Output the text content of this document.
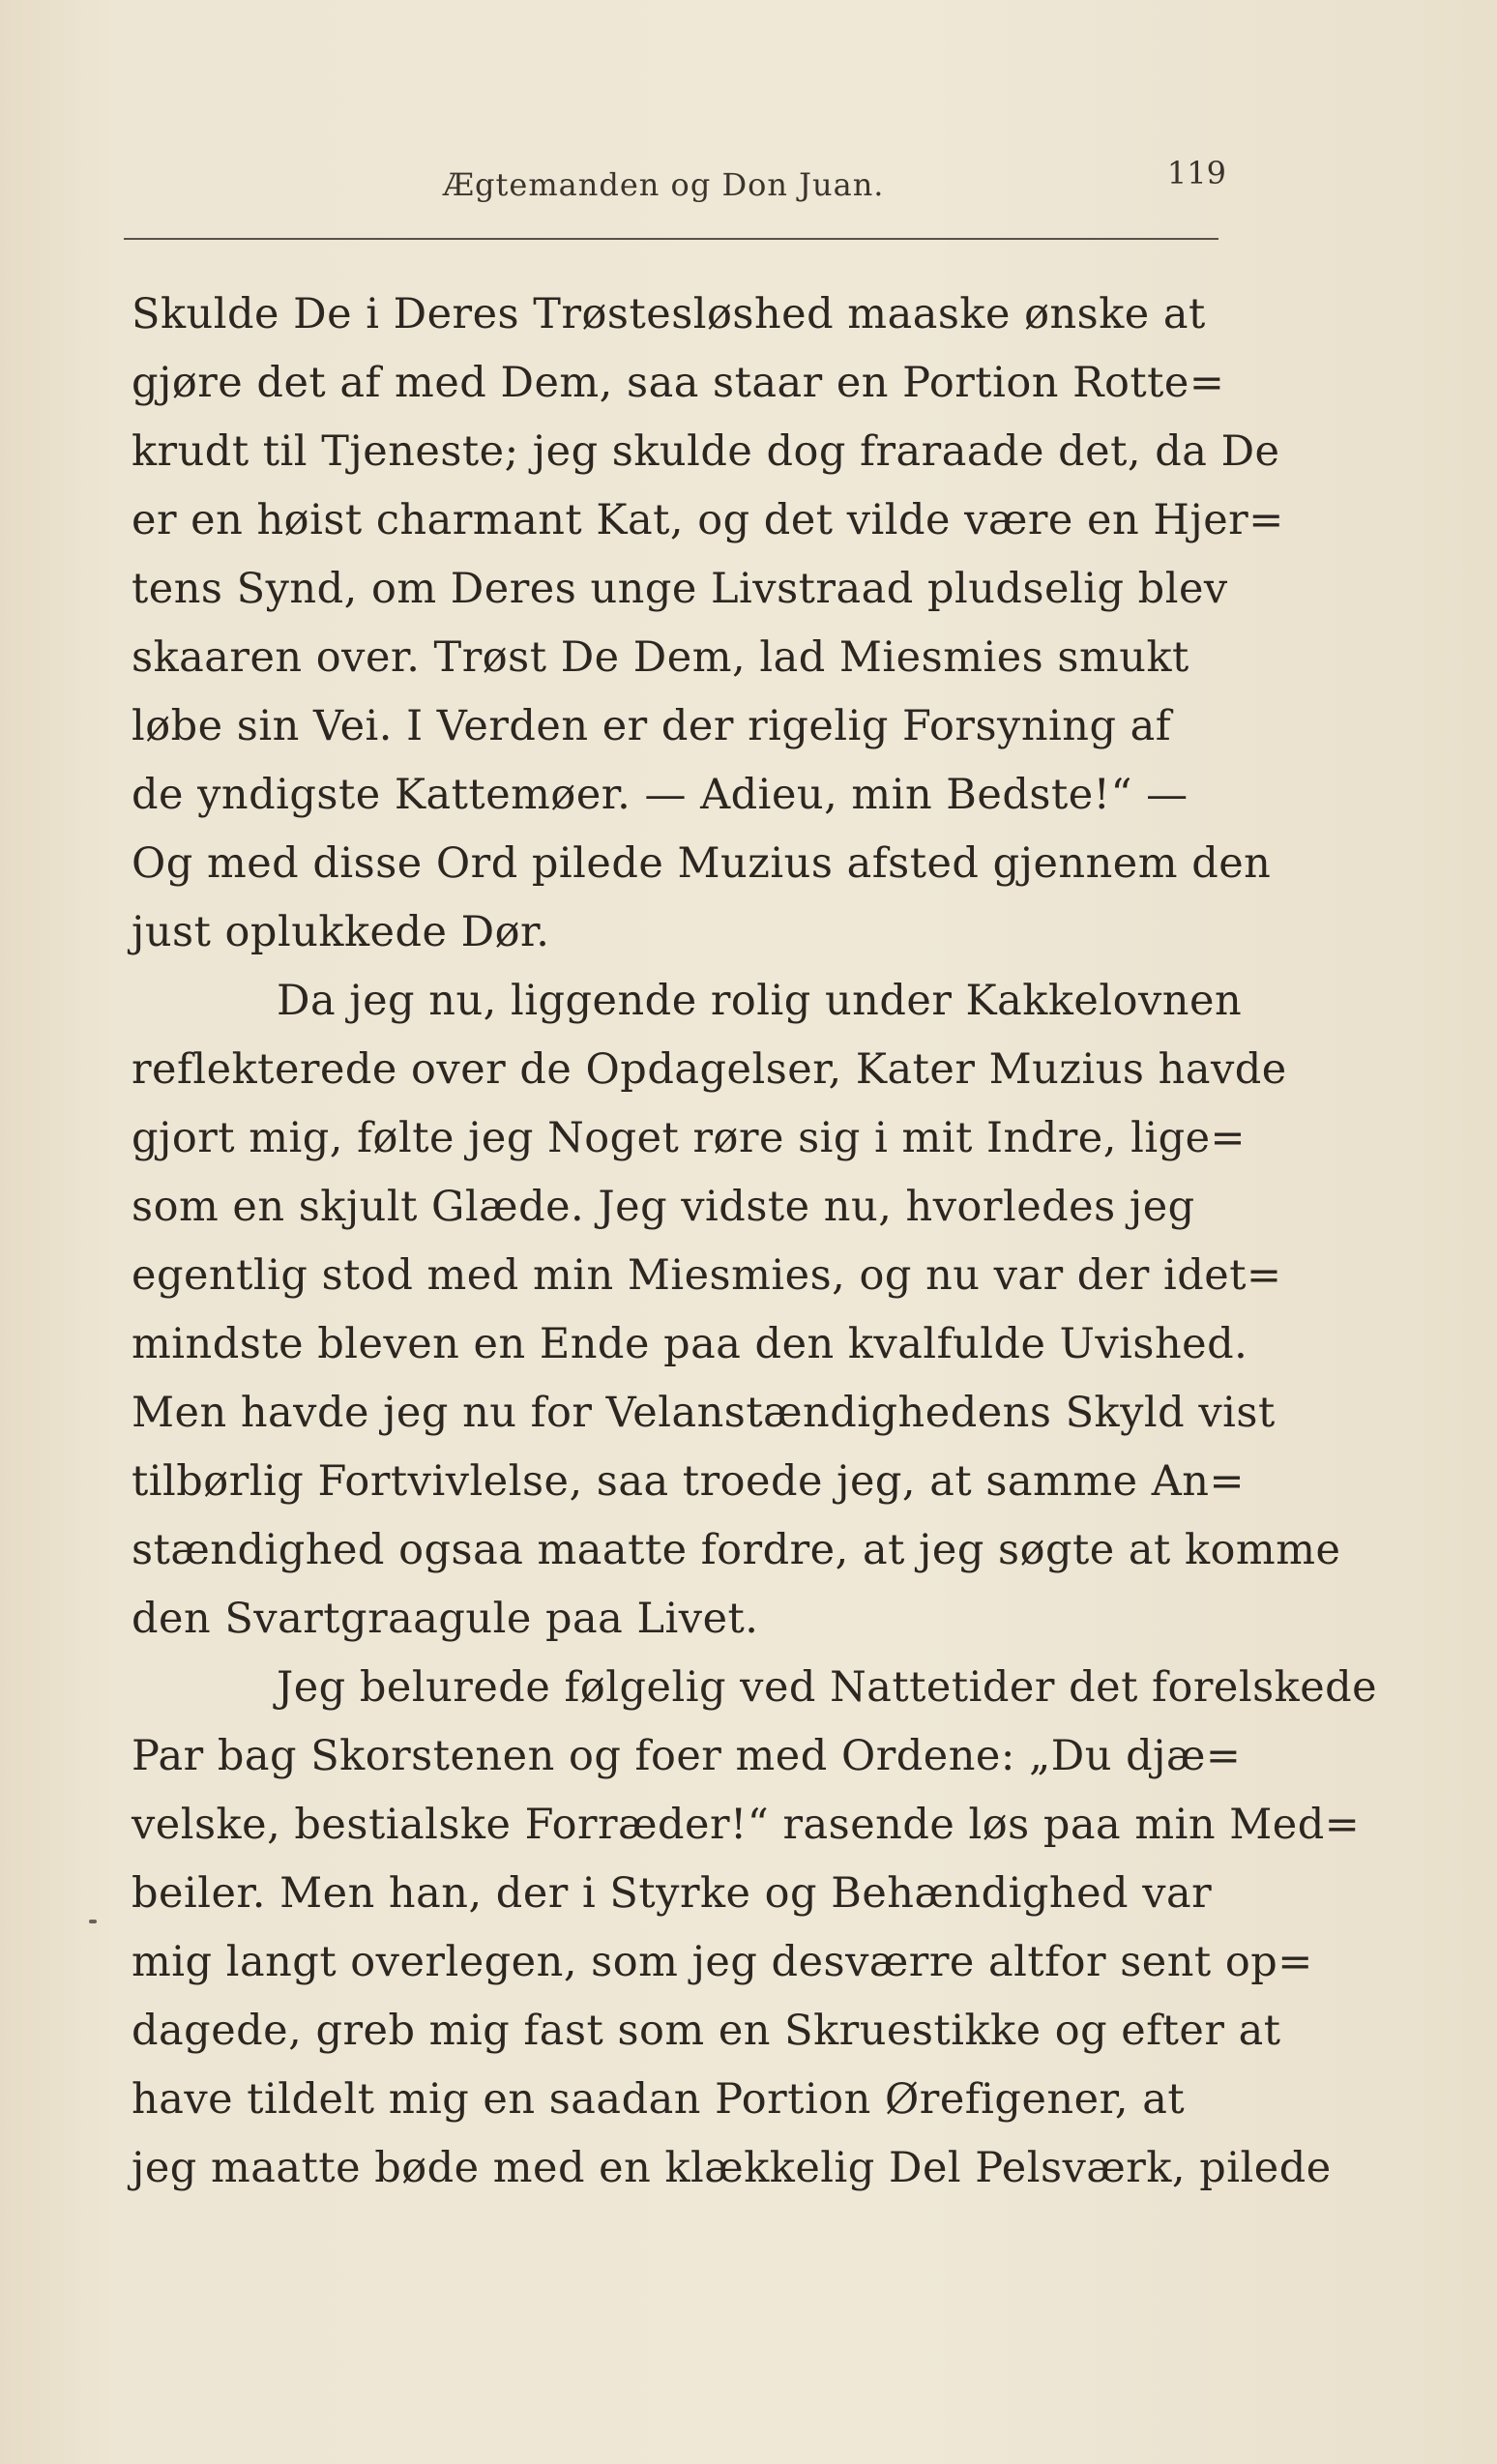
Ægtemanden og Don Juan.	119
Skulde De i Deres Trøstesløshed maaske ønske at
gjøre det af med Dem, saa staar en Portion Rotte=
krudt til Tjeneste; jeg skulde dog fraraade det, da De
er en høist charmant Kat, og det vilde være en Hjer=
tens Synd, om Deres unge Livstraad pludselig blev
skaaren over. Trøst De Dem, lad Miesmies smukt
løbe sin Vei. I Verden er der rigelig Forsyning af
de yndigste Kattemøer. — Adieu, min Bedste!“ —
Og med disse Ord pilede Muzius afsted gjennem den
just oplukkede Dør.
Da jeg nu, liggende rolig under Kakkelovnen
reflekterede over de Opdagelser, Kater Muzius havde
gjort mig, følte jeg Noget røre sig i mit Indre, lige=
som en skjult Glæde. Jeg vidste nu, hvorledes jeg
egentlig stod med min Miesmies, og nu var der idet=
mindste bleven en Ende paa den kvalfulde Uvished.
Men havde jeg nu for Velanstændighedens Skyld vist
tilbørlig Fortvivlelse, saa troede jeg, at samme An=
stændighed ogsaa maatte fordre, at jeg søgte at komme
den Svartgraagule paa Livet.
Jeg belurede følgelig ved Nattetider det forelskede
Par bag Skorstenen og foer med Ordene: „Du djæ=
velske, bestialske Forræder!“ rasende løs paa min Med=
beiler. Men han, der i Styrke og Behændighed var
mig langt overlegen, som jeg desværre altfor sent op=
dagede, greb mig fast som en Skruestikke og efter at
have tildelt mig en saadan Portion Ørefigener, at
jeg maatte bøde med en klækkelig Del Pelsværk, pilede
